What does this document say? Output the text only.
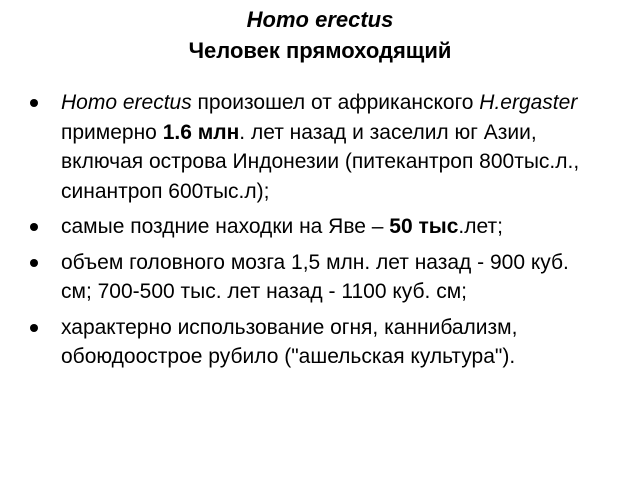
Homo erectus
Человек прямоходящий
Homo erectus произошел от африканского H.ergaster примерно 1.6 млн. лет назад и заселил юг Азии, включая острова Индонезии (питекантроп 800тыс.л., синантроп 600тыс.л);
самые поздние находки на Яве – 50 тыс.лет;
объем головного мозга 1,5 млн. лет назад - 900 куб. см; 700-500 тыс. лет назад - 1100 куб. см;
характерно использование огня, каннибализм, обоюдоострое рубило ("ашельская культура").
